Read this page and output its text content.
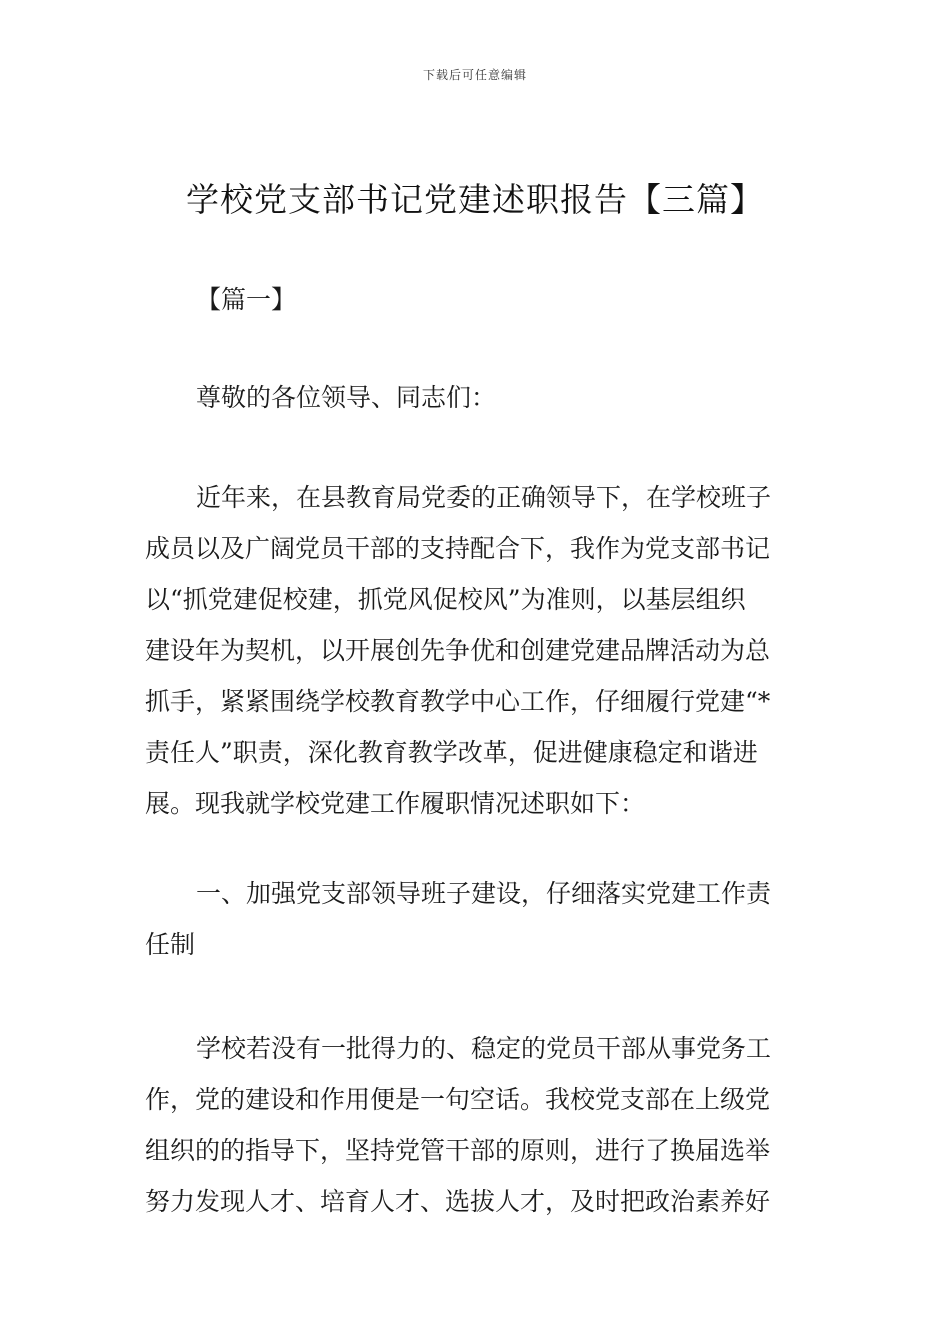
下载后可任意编辑
学校党支部书记党建述职报告【三篇】
【篇一】
尊敬的各位领导、同志们：

近年来，在县教育局党委的正确领导下，在学校班子
成员以及广阔党员干部的支持配合下，我作为党支部书记
以“抓党建促校建，抓党风促校风”为准则，以基层组织
建设年为契机，以开展创先争优和创建党建品牌活动为总
抓手，紧紧围绕学校教育教学中心工作，仔细履行党建“*
责任人”职责，深化教育教学改革，促进健康稳定和谐进
展。现我就学校党建工作履职情况述职如下：

一、加强党支部领导班子建设，仔细落实党建工作责
任制

学校若没有一批得力的、稳定的党员干部从事党务工
作，党的建设和作用便是一句空话。我校党支部在上级党
组织的的指导下，坚持党管干部的原则，进行了换届选举
努力发现人才、培育人才、选拔人才，及时把政治素养好
